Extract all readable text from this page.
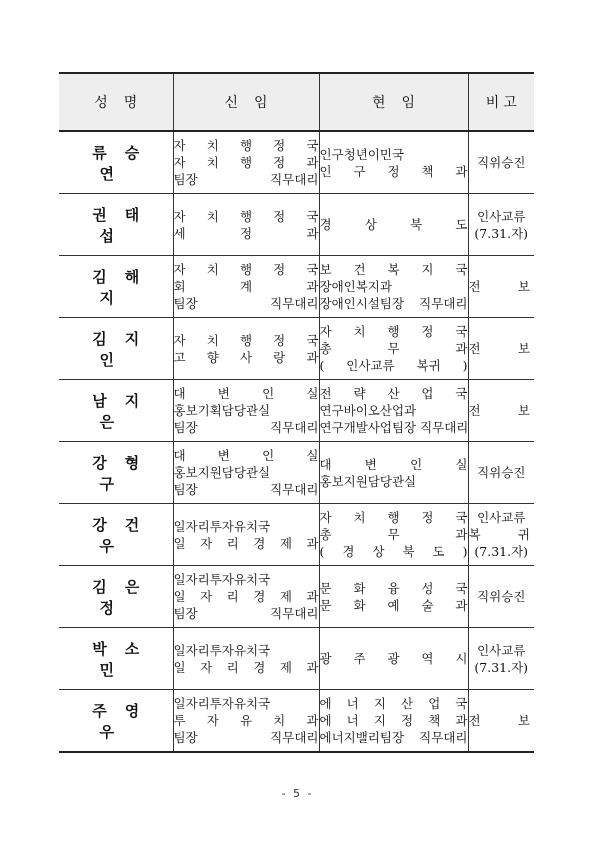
성명	신임	현임	비고
류승연	자 치 행 정 국
자 치 행 정 과
팀장 직무대리	인구청년이민국
인 구 정 책 과	직위승진

권태섭	자 치 행 정 국
세 정 과	경 상 북 도	인사교류
(7.31.자)

김해지	자 치 행 정 국
회 계 과
팀장 직무대리	보 건 복 지 국
장애인복지과
장애인시설팀장 직무대리	전 보

김지인	자 치 행 정 국
고 향 사 랑 과	자 치 행 정 국
총 무 과
( 인사교류 복귀 )	전 보

남지은	대 변 인 실
홍보기획담당관실
팀장 직무대리	전 략 산 업 국
연구바이오산업과
연구개발사업팀장 직무대리	전 보

강형구	대 변 인 실
홍보지원담당관실
팀장 직무대리	대 변 인 실
홍보지원담당관실	직위승진

강건우	일자리투자유치국
일 자 리 경 제 과	자 치 행 정 국
총 무 과
( 경 상 북 도 )	인사교류
복 귀
(7.31.자)

김은정	일자리투자유치국
일 자 리 경 제 과
팀장 직무대리	문 화 융 성 국
문 화 예 술 과	직위승진

박소민	일자리투자유치국
일 자 리 경 제 과	광 주 광 역 시	인사교류
(7.31.자)

주영우	일자리투자유치국
투 자 유 치 과
팀장 직무대리	에 너 지 산 업 국
에 너 지 정 책 과
에너지밸리팀장 직무대리	전 보
- 5 -
